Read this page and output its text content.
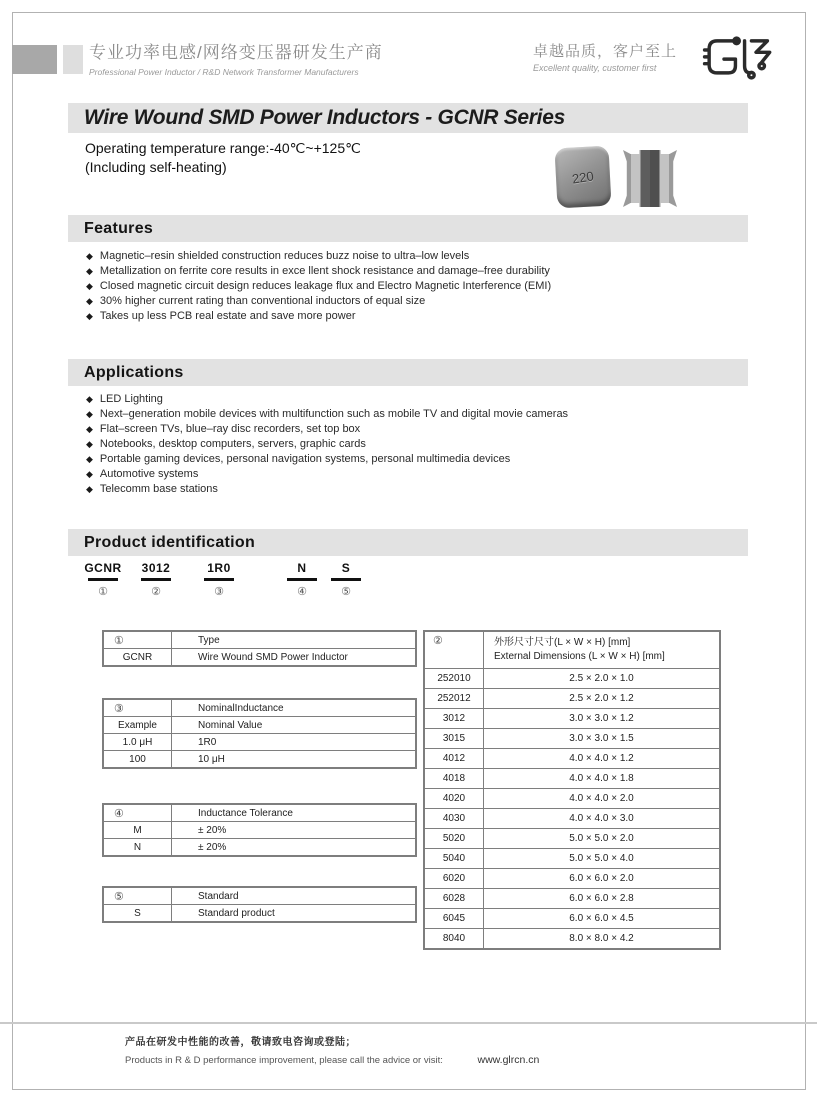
专业功率电感/网络变压器研发生产商
Professional Power Inductor / R&D Network Transformer Manufacturers
卓越品质，客户至上
Excellent quality, customer first
Wire Wound SMD Power Inductors - GCNR Series
Operating temperature range:-40℃~+125℃
(Including self-heating)
220
Features
◆ Magnetic–resin shielded construction reduces buzz noise to ultra–low levels
◆ Metallization on ferrite core results in exce llent shock resistance and damage–free durability
◆ Closed magnetic circuit design reduces leakage flux and Electro Magnetic Interference (EMI)
◆ 30% higher current rating than conventional inductors of equal size
◆ Takes up less PCB real estate and save more power
Applications
◆ LED Lighting
◆ Next–generation mobile devices with multifunction such as mobile TV and digital movie cameras
◆ Flat–screen TVs, blue–ray disc recorders, set top box
◆ Notebooks, desktop computers, servers, graphic cards
◆ Portable gaming devices, personal navigation systems, personal multimedia devices
◆ Automotive systems
◆ Telecomm base stations
Product identification
GCNR
①
3012
②
1R0
③
N
④
S
⑤
①	Type
GCNR	Wire Wound SMD Power Inductor
③	NominalInductance
Example	Nominal Value
1.0 μH	1R0
100	10 μH
④	Inductance Tolerance
M	± 20%
N	± 20%
⑤	Standard
S	Standard product
②	外形尺寸尺寸(L × W × H) [mm]
External Dimensions (L × W × H) [mm]

252010	2.5 × 2.0 × 1.0
252012	2.5 × 2.0 × 1.2
3012	3.0 × 3.0 × 1.2
3015	3.0 × 3.0 × 1.5
4012	4.0 × 4.0 × 1.2
4018	4.0 × 4.0 × 1.8
4020	4.0 × 4.0 × 2.0
4030	4.0 × 4.0 × 3.0
5020	5.0 × 5.0 × 2.0
5040	5.0 × 5.0 × 4.0
6020	6.0 × 6.0 × 2.0
6028	6.0 × 6.0 × 2.8
6045	6.0 × 6.0 × 4.5
8040	8.0 × 8.0 × 4.2
产品在研发中性能的改善，敬请致电咨询或登陆；
Products in R & D performance improvement, please call the advice or visit:	www.glrcn.cn
